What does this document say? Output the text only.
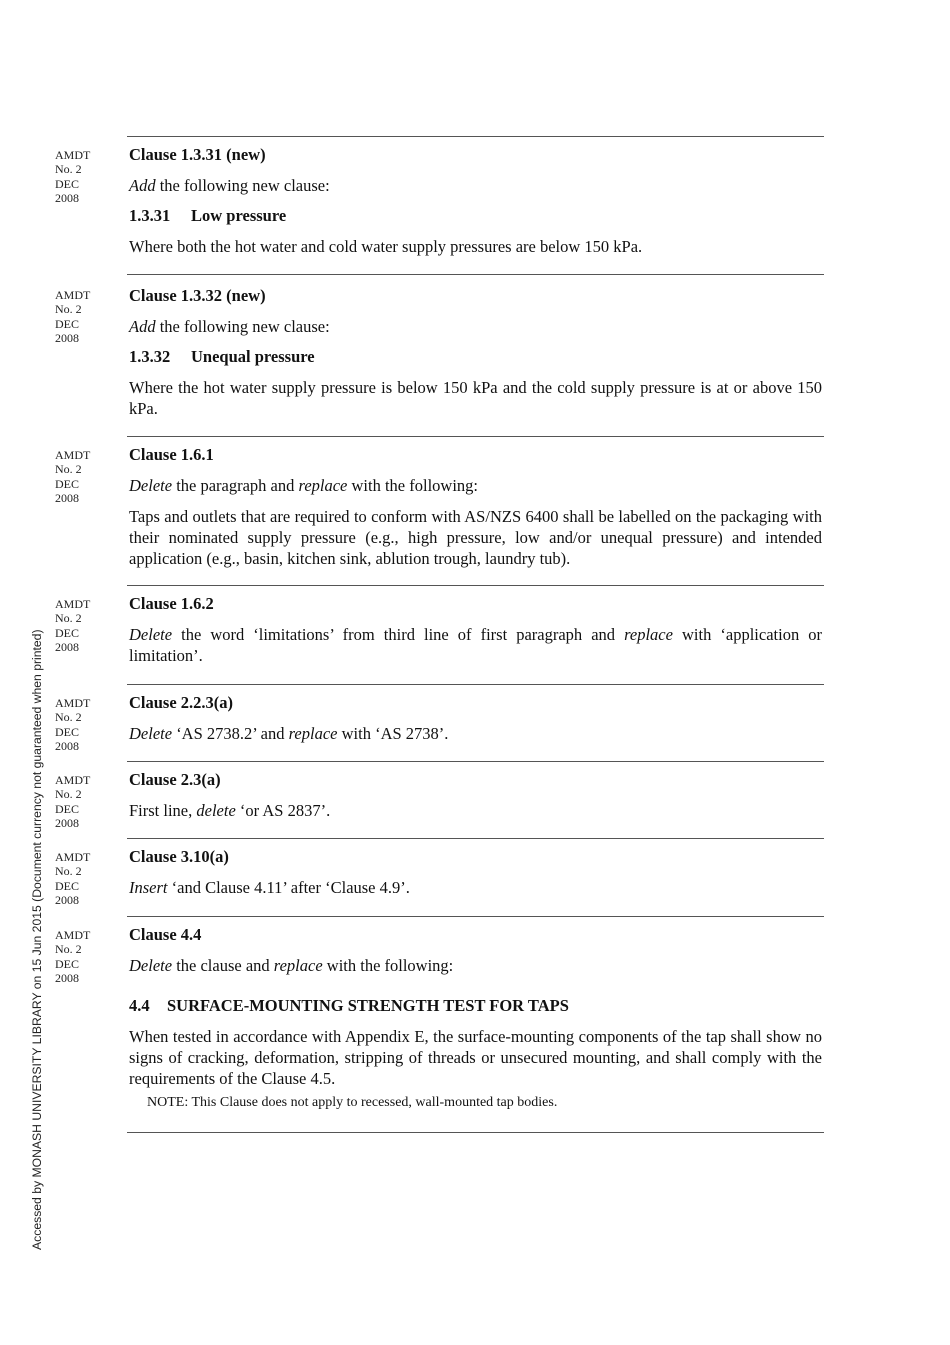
Accessed by MONASH UNIVERSITY LIBRARY on 15 Jun 2015 (Document currency not guaranteed when printed)
AMDT
No. 2
DEC
2008
Clause 1.3.31 (new)
Add the following new clause:
1.3.31 Low pressure
Where both the hot water and cold water supply pressures are below 150 kPa.
AMDT
No. 2
DEC
2008
Clause 1.3.32 (new)
Add the following new clause:
1.3.32 Unequal pressure
Where the hot water supply pressure is below 150 kPa and the cold supply pressure is at or above 150 kPa.
AMDT
No. 2
DEC
2008
Clause 1.6.1
Delete the paragraph and replace with the following:
Taps and outlets that are required to conform with AS/NZS 6400 shall be labelled on the packaging with their nominated supply pressure (e.g., high pressure, low and/or unequal pressure) and intended application (e.g., basin, kitchen sink, ablution trough, laundry tub).
AMDT
No. 2
DEC
2008
Clause 1.6.2
Delete the word ‘limitations’ from third line of first paragraph and replace with ‘application or limitation’.
AMDT
No. 2
DEC
2008
Clause 2.2.3(a)
Delete ‘AS 2738.2’ and replace with ‘AS 2738’.
AMDT
No. 2
DEC
2008
Clause 2.3(a)
First line, delete ‘or AS 2837’.
AMDT
No. 2
DEC
2008
Clause 3.10(a)
Insert ‘and Clause 4.11’ after ‘Clause 4.9’.
AMDT
No. 2
DEC
2008
Clause 4.4
Delete the clause and replace with the following:
4.4 SURFACE-MOUNTING STRENGTH TEST FOR TAPS
When tested in accordance with Appendix E, the surface-mounting components of the tap shall show no signs of cracking, deformation, stripping of threads or unsecured mounting, and shall comply with the requirements of the Clause 4.5.
NOTE: This Clause does not apply to recessed, wall-mounted tap bodies.
